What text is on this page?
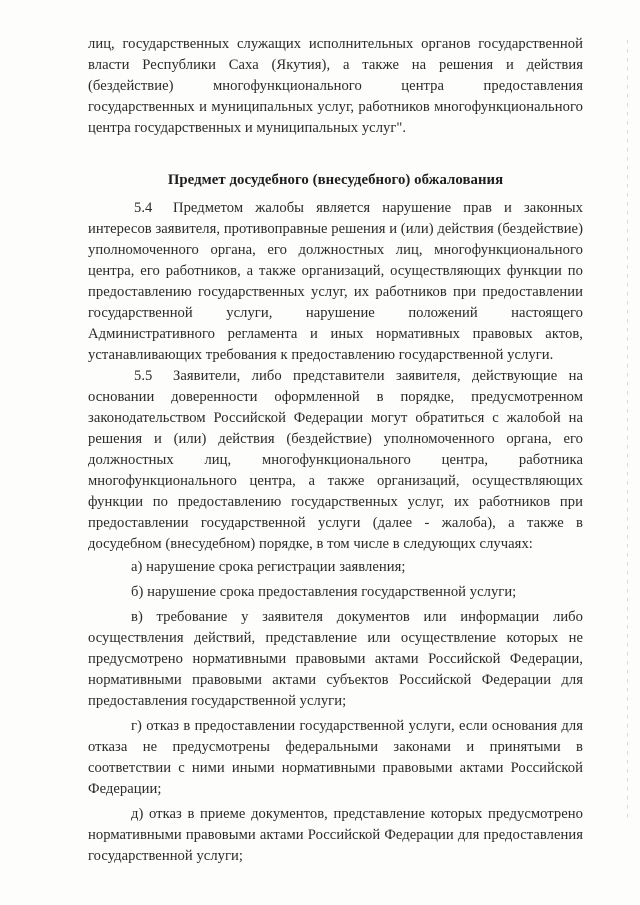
лиц, государственных служащих исполнительных органов государственной власти Республики Саха (Якутия), а также на решения и действия (бездействие) многофункционального центра предоставления государственных и муниципальных услуг, работников многофункционального центра государственных и муниципальных услуг".

Предмет досудебного (внесудебного) обжалования

5.4 Предметом жалобы является нарушение прав и законных интересов заявителя, противоправные решения и (или) действия (бездействие) уполномоченного органа, его должностных лиц, многофункционального центра, его работников, а также организаций, осуществляющих функции по предоставлению государственных услуг, их работников при предоставлении государственной услуги, нарушение положений настоящего Административного регламента и иных нормативных правовых актов, устанавливающих требования к предоставлению государственной услуги.

5.5 Заявители, либо представители заявителя, действующие на основании доверенности оформленной в порядке, предусмотренном законодательством Российской Федерации могут обратиться с жалобой на решения и (или) действия (бездействие) уполномоченного органа, его должностных лиц, многофункционального центра, работника многофункционального центра, а также организаций, осуществляющих функции по предоставлению государственных услуг, их работников при предоставлении государственной услуги (далее - жалоба), а также в досудебном (внесудебном) порядке, в том числе в следующих случаях:

а) нарушение срока регистрации заявления;

б) нарушение срока предоставления государственной услуги;

в) требование у заявителя документов или информации либо осуществления действий, представление или осуществление которых не предусмотрено нормативными правовыми актами Российской Федерации, нормативными правовыми актами субъектов Российской Федерации для предоставления государственной услуги;

г) отказ в предоставлении государственной услуги, если основания для отказа не предусмотрены федеральными законами и принятыми в соответствии с ними иными нормативными правовыми актами Российской Федерации;

д) отказ в приеме документов, представление которых предусмотрено нормативными правовыми актами Российской Федерации для предоставления государственной услуги;
